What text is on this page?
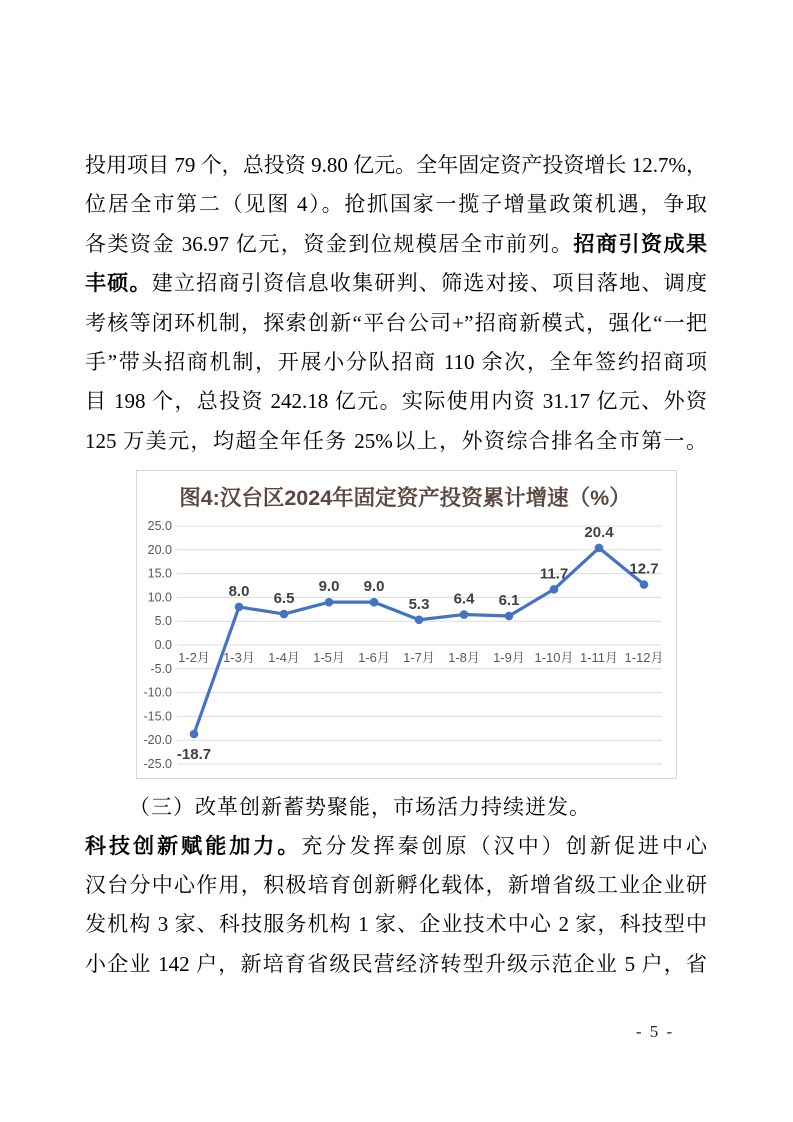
投用项目 79 个，总投资 9.80 亿元。全年固定资产投资增长 12.7%，
位居全市第二（见图 4）。抢抓国家一揽子增量政策机遇，争取
各类资金 36.97 亿元，资金到位规模居全市前列。招商引资成果
丰硕。建立招商引资信息收集研判、筛选对接、项目落地、调度
考核等闭环机制，探索创新“平台公司+”招商新模式，强化“一把
手”带头招商机制，开展小分队招商 110 余次，全年签约招商项
目 198 个，总投资 242.18 亿元。实际使用内资 31.17 亿元、外资
125 万美元，均超全年任务 25%以上，外资综合排名全市第一。
图4:汉台区2024年固定资产投资累计增速（%）
25.0
20.0
15.0
10.0
5.0
0.0
-5.0
-10.0
-15.0
-20.0
-25.0
1-2月 1-3月 1-4月 1-5月 1-6月 1-7月 1-8月 1-9月 1-10月 1-11月 1-12月
-18.7
8.0 6.5
9.0 9.0
5.3 6.4 6.1
11.7
20.4
12.7
（三）改革创新蓄势聚能，市场活力持续迸发。
科技创新赋能加力。充分发挥秦创原（汉中）创新促进中心
汉台分中心作用，积极培育创新孵化载体，新增省级工业企业研
发机构 3 家、科技服务机构 1 家、企业技术中心 2 家，科技型中
小企业 142 户，新培育省级民营经济转型升级示范企业 5 户，省
- 5 -
